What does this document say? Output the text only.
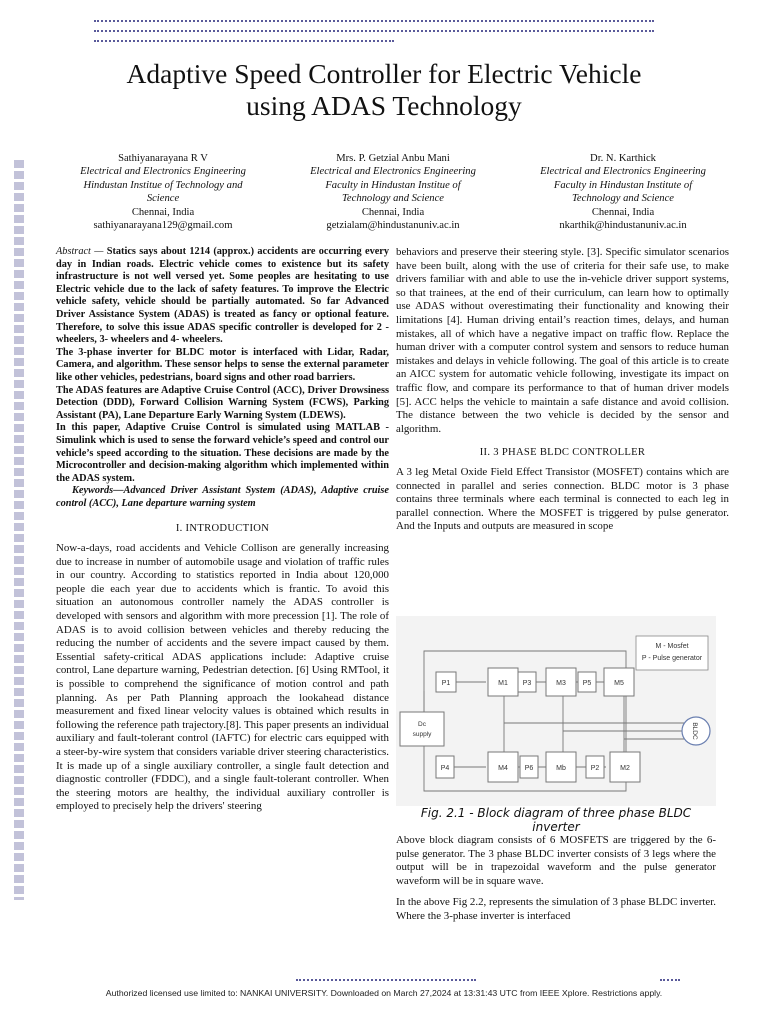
Adaptive Speed Controller for Electric Vehicle
using ADAS Technology
Sathiyanarayana R V
Electrical and Electronics Engineering
Hindustan Institue of Technology and
Science
Chennai, India
sathiyanarayana129@gmail.com
Mrs. P. Getzial Anbu Mani
Electrical and Electronics Engineering
Faculty in Hindustan Institue of
Technology and Science
Chennai, India
getzialam@hindustanuniv.ac.in
Dr. N. Karthick
Electrical and Electronics Engineering
Faculty in Hindustan Institute of
Technology and Science
Chennai, India
nkarthik@hindustanuniv.ac.in

Abstract — Statics says about 1214 (approx.) accidents are occurring every day in Indian roads. Electric vehicle comes to existence but its safety infrastructure is not well versed yet. Some peoples are hesitating to use Electric vehicle due to the lack of safety features. To improve the Electric vehicle safety, vehicle should be partially automated. So far Advanced Driver Assistance System (ADAS) is treated as fancy or optional feature. Therefore, to solve this issue ADAS specific controller is developed for 2 - wheelers, 3- wheelers and 4- wheelers.

The 3-phase inverter for BLDC motor is interfaced with Lidar, Radar, Camera, and algorithm. These sensor helps to sense the external parameter like other vehicles, pedestrians, board signs and other road barriers.

The ADAS features are Adaptive Cruise Control (ACC), Driver Drowsiness Detection (DDD), Forward Collision Warning System (FCWS), Parking Assistant (PA), Lane Departure Early Warning System (LDEWS).

In this paper, Adaptive Cruise Control is simulated using MATLAB - Simulink which is used to sense the forward vehicle’s speed and control our vehicle’s speed according to the situation. These decisions are made by the Microcontroller and decision-making algorithm which implemented within the ADAS system.

Keywords—Advanced Driver Assistant System (ADAS), Adaptive cruise control (ACC), Lane departure warning system

I. INTRODUCTION

Now-a-days, road accidents and Vehicle Collison are generally increasing due to increase in number of automobile usage and violation of traffic rules in our country. According to statistics reported in India about 120,000 people die each year due to accidents which is frantic. To avoid this situation an autonomous controller namely the ADAS controller is developed with sensors and algorithm with more precession [1]. The role of ADAS is to avoid collision between vehicles and thereby reducing the reducing the number of accidents and the severe impact caused by them. Essential safety-critical ADAS applications include: Adaptive cruise control, Lane departure warning, Pedestrian detection. [6] Using RMTool, it is possible to comprehend the significance of motion control and path planning. As per Path Planning approach the lookahead distance measurement and fixed linear velocity values is obtained which results in following the reference path trajectory.[8]. This paper presents an individual auxiliary and fault-tolerant control (IAFTC) for electric cars equipped with a steer-by-wire system that considers variable driver steering characteristics. It is made up of a single auxiliary controller, a single fault detection and diagnostic controller (FDDC), and a single fault-tolerant controller. When the steering motors are healthy, the individual auxiliary controller is employed to precisely help the drivers' steering

behaviors and preserve their steering style. [3]. Specific simulator scenarios have been built, along with the use of criteria for their safe use, to make drivers familiar with and able to use the in-vehicle driver support systems, so that trainees, at the end of their curriculum, can learn how to optimally use ADAS without overestimating their functionality and knowing their limitations [4]. Human driving entail’s reaction times, delays, and human mistakes, all of which have a negative impact on traffic flow. Replace the human driver with a computer control system and sensors to reduce human mistakes and delays in vehicle following. The goal of this article is to create an AICC system for automatic vehicle following, investigate its impact on traffic flow, and compare its performance to that of human driver models [5]. ACC helps the vehicle to maintain a safe distance and avoid collision. The distance between the two vehicle is decided by the sensor and algorithm.

II. 3 PHASE BLDC CONTROLLER

A 3 leg Metal Oxide Field Effect Transistor (MOSFET) contains which are connected in parallel and series connection. BLDC motor is 3 phase contains three terminals where each terminal is connected to each leg in parallel connection. Where the MOSFET is triggered by pulse generator. And the Inputs and outputs are measured in scope

M - Mosfet
P - Pulse generator
P1	M1 P3	M3 P5	M5
P4	M4 P6	Mb	P2	M2
Dc
supply	BLDC
Fig. 2.1 - Block diagram of three phase BLDC inverter

Above block diagram consists of 6 MOSFETS are triggered by the 6-pulse generator. The 3 phase BLDC inverter consists of 3 legs where the output will be in trapezoidal waveform and the pulse generator waveform will be in square wave.

In the above Fig 2.2, represents the simulation of 3 phase BLDC inverter. Where the 3-phase inverter is interfaced

Authorized licensed use limited to: NANKAI UNIVERSITY. Downloaded on March 27,2024 at 13:31:43 UTC from IEEE Xplore. Restrictions apply.
